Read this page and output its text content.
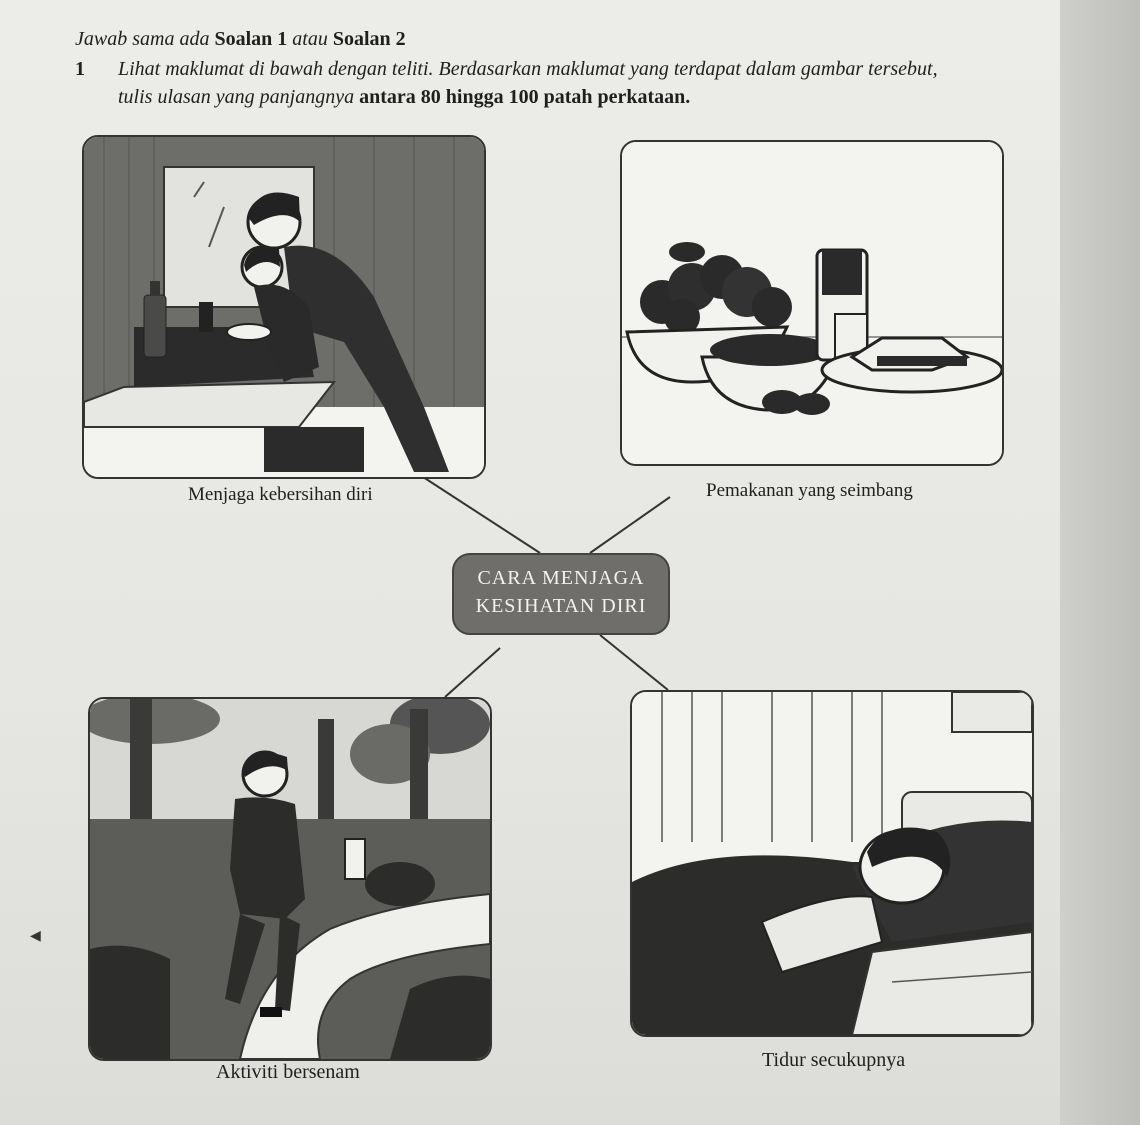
Jawab sama ada Soalan 1 atau Soalan 2
1 Lihat maklumat di bawah dengan teliti. Berdasarkan maklumat yang terdapat dalam gambar tersebut,
tulis ulasan yang panjangnya antara 80 hingga 100 patah perkataan.
Menjaga kebersihan diri	Pemakanan yang seimbang
CARA MENJAGA
KESIHATAN DIRI
Aktiviti bersenam
Tidur secukupnya
◀
